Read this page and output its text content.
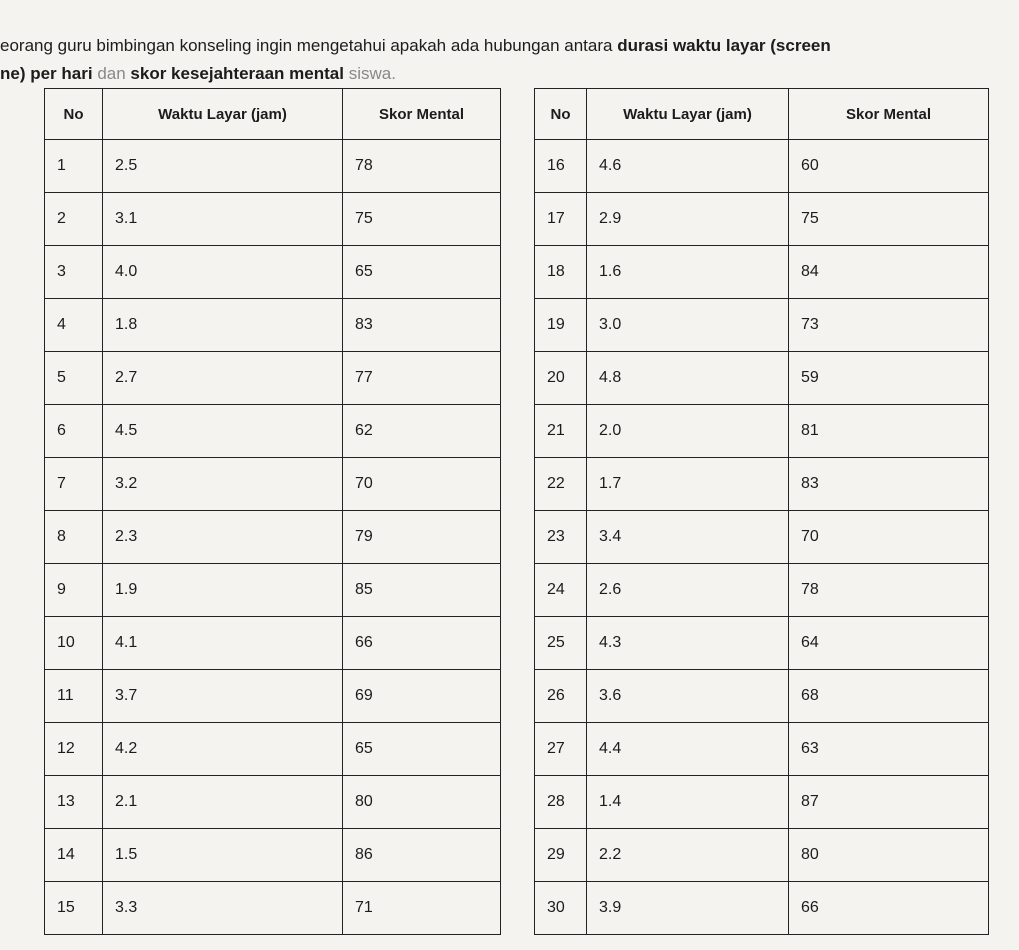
eorang guru bimbingan konseling ingin mengetahui apakah ada hubungan antara durasi waktu layar (screen

ne) per hari dan skor kesejahteraan mental siswa.

No	Waktu Layar (jam)	Skor Mental
1	2.5	78
2	3.1	75
3	4.0	65
4	1.8	83
5	2.7	77
6	4.5	62
7	3.2	70
8	2.3	79
9	1.9	85
10	4.1	66
11	3.7	69
12	4.2	65
13	2.1	80
14	1.5	86
15	3.3	71
No	Waktu Layar (jam)	Skor Mental
16	4.6	60
17	2.9	75
18	1.6	84
19	3.0	73
20	4.8	59
21	2.0	81
22	1.7	83
23	3.4	70
24	2.6	78
25	4.3	64
26	3.6	68
27	4.4	63
28	1.4	87
29	2.2	80
30	3.9	66
